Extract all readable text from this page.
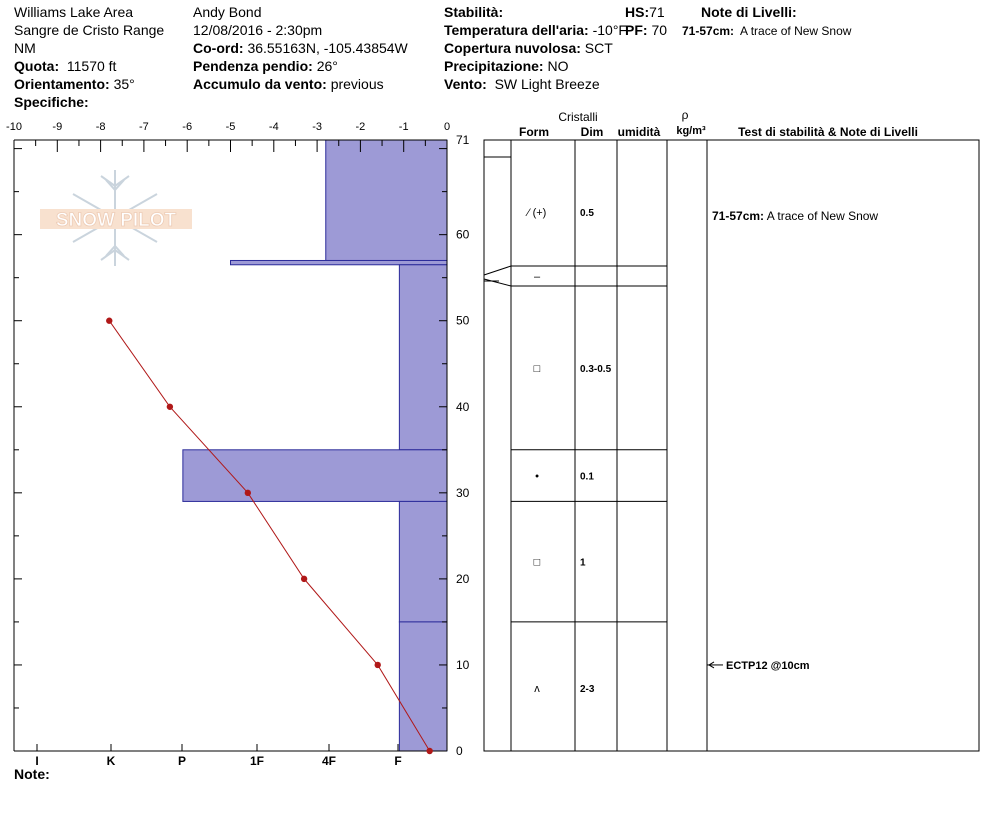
Williams Lake Area
Sangre de Cristo Range
NM
Quota: 11570 ft
Orientamento: 35°
Specifiche:
Andy Bond
12/08/2016 - 2:30pm
Co-ord: 36.55163N, -105.43854W
Pendenza pendio: 26°
Accumulo da vento: previous
Stabilità:
Temperatura dell'aria: -10°F
Copertura nuvolosa: SCT
Precipitazione: NO
Vento: SW Light Breeze
HS:71
PF: 70
Note di Livelli:
71-57cm: A trace of New Snow
Note:
SNOW PILOT	⁄ (+)	0.5	71-57cm: A trace of New Snow
–
□	0.3-0.5
•	0.1
□	1
ʌ	2-3
ECTP12 @10cm
-10	-9	-8	-7	-6	-5	-4	-3	-2	-1	0
0
10
20
30
40
50
60
71
I	K	P	1F	4F	F
Cristalli
Form	Dim umidità
ρ
kg/m³	Test di stabilità & Note di Livelli
